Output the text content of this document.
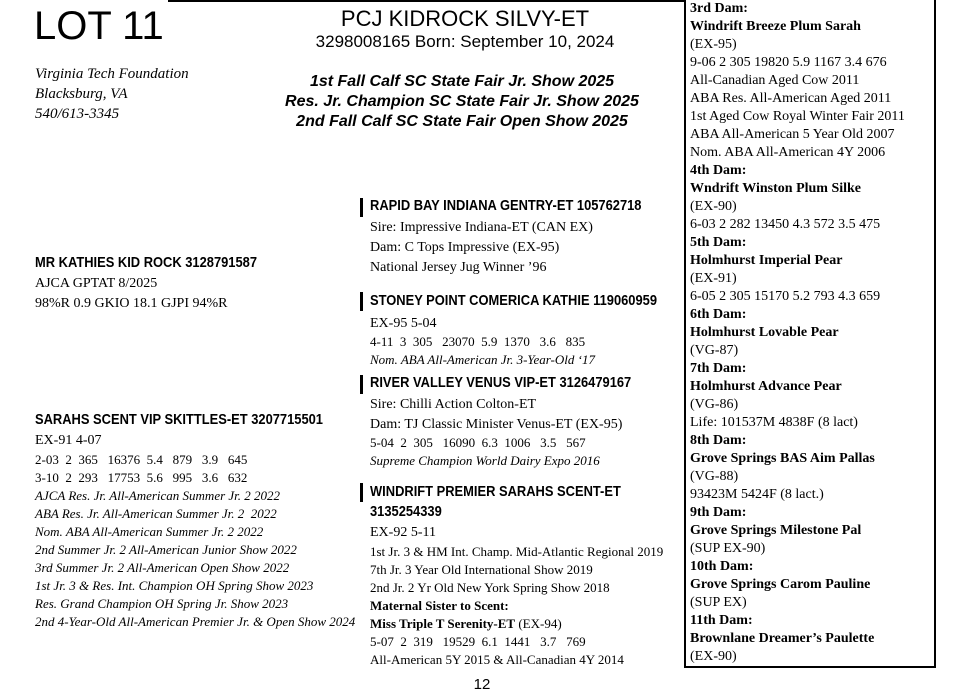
LOT 11	PCJ KIDROCK SILVY-ET
3298008165 Born: September 10, 2024
Virginia Tech Foundation
Blacksburg, VA
540/613-3345
1st Fall Calf SC State Fair Jr. Show 2025
Res. Jr. Champion SC State Fair Jr. Show 2025
2nd Fall Calf SC State Fair Open Show 2025
MR KATHIES KID ROCK 3128791587
AJCA GPTAT 8/2025
98%R 0.9 GKIO 18.1 GJPI 94%R
RAPID BAY INDIANA GENTRY-ET 105762718
Sire: Impressive Indiana-ET (CAN EX)
Dam: C Tops Impressive (EX-95)
National Jersey Jug Winner ’96
STONEY POINT COMERICA KATHIE 119060959
EX-95 5-04
4-11  3  305   23070  5.9  1370   3.6   835
Nom. ABA All-American Jr. 3-Year-Old ‘17
SARAHS SCENT VIP SKITTLES-ET 3207715501
EX-91 4-07
2-03  2  365   16376  5.4   879   3.9   645
3-10  2  293   17753  5.6   995   3.6   632
AJCA Res. Jr. All-American Summer Jr. 2 2022
ABA Res. Jr. All-American Summer Jr. 2  2022
Nom. ABA All-American Summer Jr. 2 2022
2nd Summer Jr. 2 All-American Junior Show 2022
3rd Summer Jr. 2 All-American Open Show 2022
1st Jr. 3 & Res. Int. Champion OH Spring Show 2023
Res. Grand Champion OH Spring Jr. Show 2023
2nd 4-Year-Old All-American Premier Jr. & Open Show 2024
RIVER VALLEY VENUS VIP-ET 3126479167
Sire: Chilli Action Colton-ET
Dam: TJ Classic Minister Venus-ET (EX-95)
5-04  2  305   16090  6.3  1006   3.5   567
Supreme Champion World Dairy Expo 2016
WINDRIFT PREMIER SARAHS SCENT-ET
3135254339
EX-92 5-11
1st Jr. 3 & HM Int. Champ. Mid-Atlantic Regional 2019
7th Jr. 3 Year Old International Show 2019
2nd Jr. 2 Yr Old New York Spring Show 2018
Maternal Sister to Scent:
Miss Triple T Serenity-ET (EX-94)
5-07  2  319   19529  6.1  1441   3.7   769
All-American 5Y 2015 & All-Canadian 4Y 2014
3rd Dam:
Windrift Breeze Plum Sarah
(EX-95)
9-06 2 305 19820 5.9 1167 3.4 676
All-Canadian Aged Cow 2011
ABA Res. All-American Aged 2011
1st Aged Cow Royal Winter Fair 2011
ABA All-American 5 Year Old 2007
Nom. ABA All-American 4Y 2006
4th Dam:
Wndrift Winston Plum Silke
(EX-90)
6-03 2 282 13450 4.3 572 3.5 475
5th Dam:
Holmhurst Imperial Pear
(EX-91)
6-05 2 305 15170 5.2 793 4.3 659
6th Dam:
Holmhurst Lovable Pear
(VG-87)
7th Dam:
Holmhurst Advance Pear
(VG-86)
Life: 101537M 4838F (8 lact)
8th Dam:
Grove Springs BAS Aim Pallas
(VG-88)
93423M 5424F (8 lact.)
9th Dam:
Grove Springs Milestone Pal
(SUP EX-90)
10th Dam:
Grove Springs Carom Pauline
(SUP EX)
11th Dam:
Brownlane Dreamer’s Paulette
(EX-90)
12
